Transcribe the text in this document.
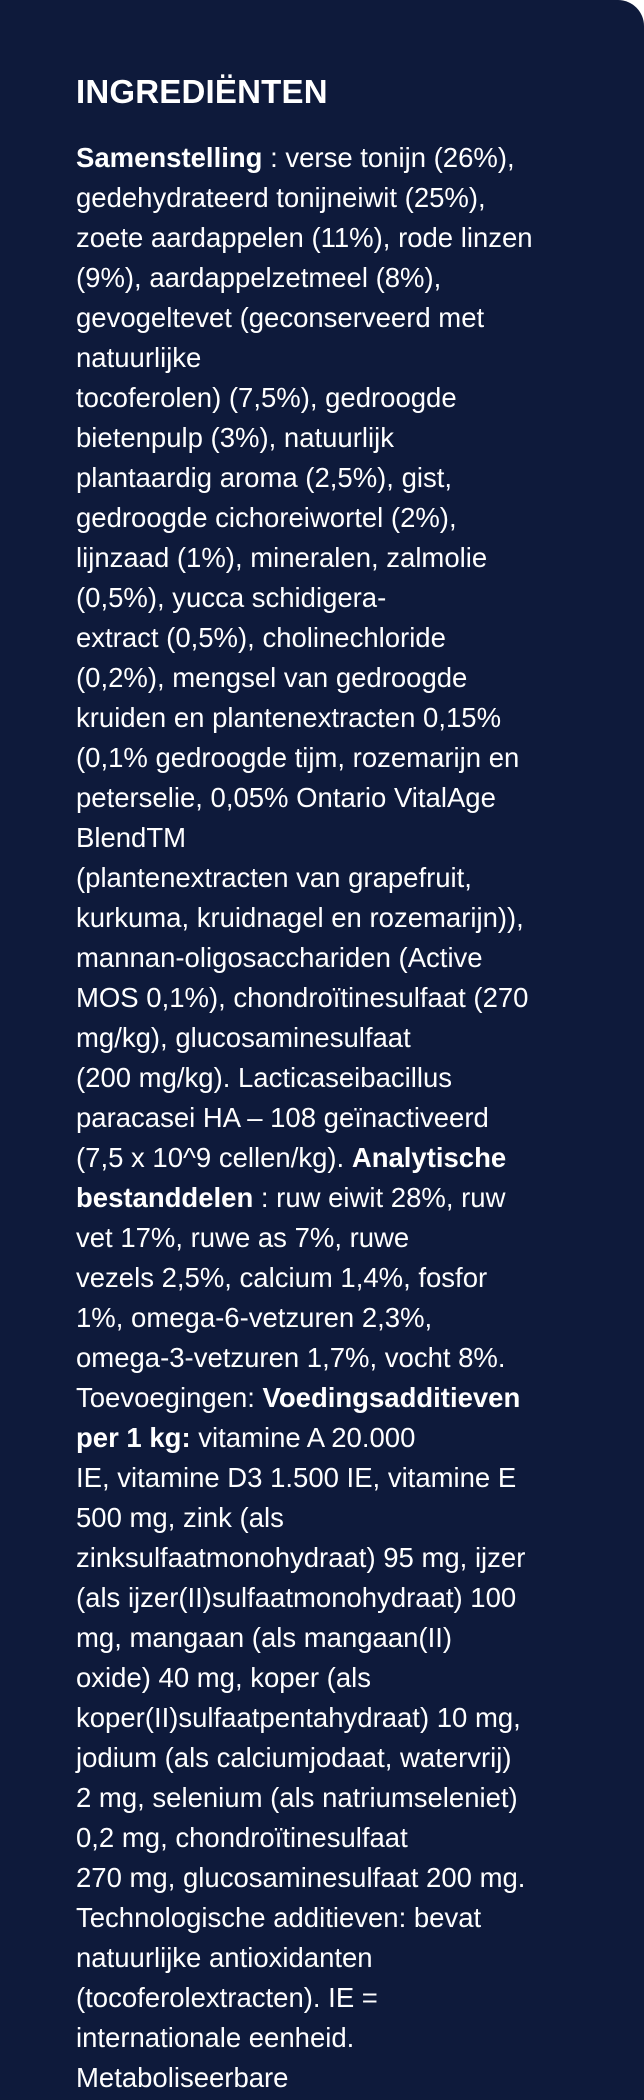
INGREDIËNTEN
Samenstelling : verse tonijn (26%),
gedehydrateerd tonijneiwit (25%),
zoete aardappelen (11%), rode linzen
(9%), aardappelzetmeel (8%),
gevogeltevet (geconserveerd met
natuurlijke
tocoferolen) (7,5%), gedroogde
bietenpulp (3%), natuurlijk
plantaardig aroma (2,5%), gist,
gedroogde cichoreiwortel (2%),
lijnzaad (1%), mineralen, zalmolie
(0,5%), yucca schidigera-
extract (0,5%), cholinechloride
(0,2%), mengsel van gedroogde
kruiden en plantenextracten 0,15%
(0,1% gedroogde tijm, rozemarijn en
peterselie, 0,05% Ontario VitalAge
BlendTM
(plantenextracten van grapefruit,
kurkuma, kruidnagel en rozemarijn)),
mannan-oligosacchariden (Active
MOS 0,1%), chondroïtinesulfaat (270
mg/kg), glucosaminesulfaat
(200 mg/kg). Lacticaseibacillus
paracasei HA – 108 geïnactiveerd
(7,5 x 10^9 cellen/kg). Analytische
bestanddelen : ruw eiwit 28%, ruw
vet 17%, ruwe as 7%, ruwe
vezels 2,5%, calcium 1,4%, fosfor
1%, omega-6-vetzuren 2,3%,
omega-3-vetzuren 1,7%, vocht 8%.
Toevoegingen: Voedingsadditieven
per 1 kg: vitamine A 20.000
IE, vitamine D3 1.500 IE, vitamine E
500 mg, zink (als
zinksulfaatmonohydraat) 95 mg, ijzer
(als ijzer(II)sulfaatmonohydraat) 100
mg, mangaan (als mangaan(II)
oxide) 40 mg, koper (als
koper(II)sulfaatpentahydraat) 10 mg,
jodium (als calciumjodaat, watervrij)
2 mg, selenium (als natriumseleniet)
0,2 mg, chondroïtinesulfaat
270 mg, glucosaminesulfaat 200 mg.
Technologische additieven: bevat
natuurlijke antioxidanten
(tocoferolextracten). IE =
internationale eenheid.
Metaboliseerbare
